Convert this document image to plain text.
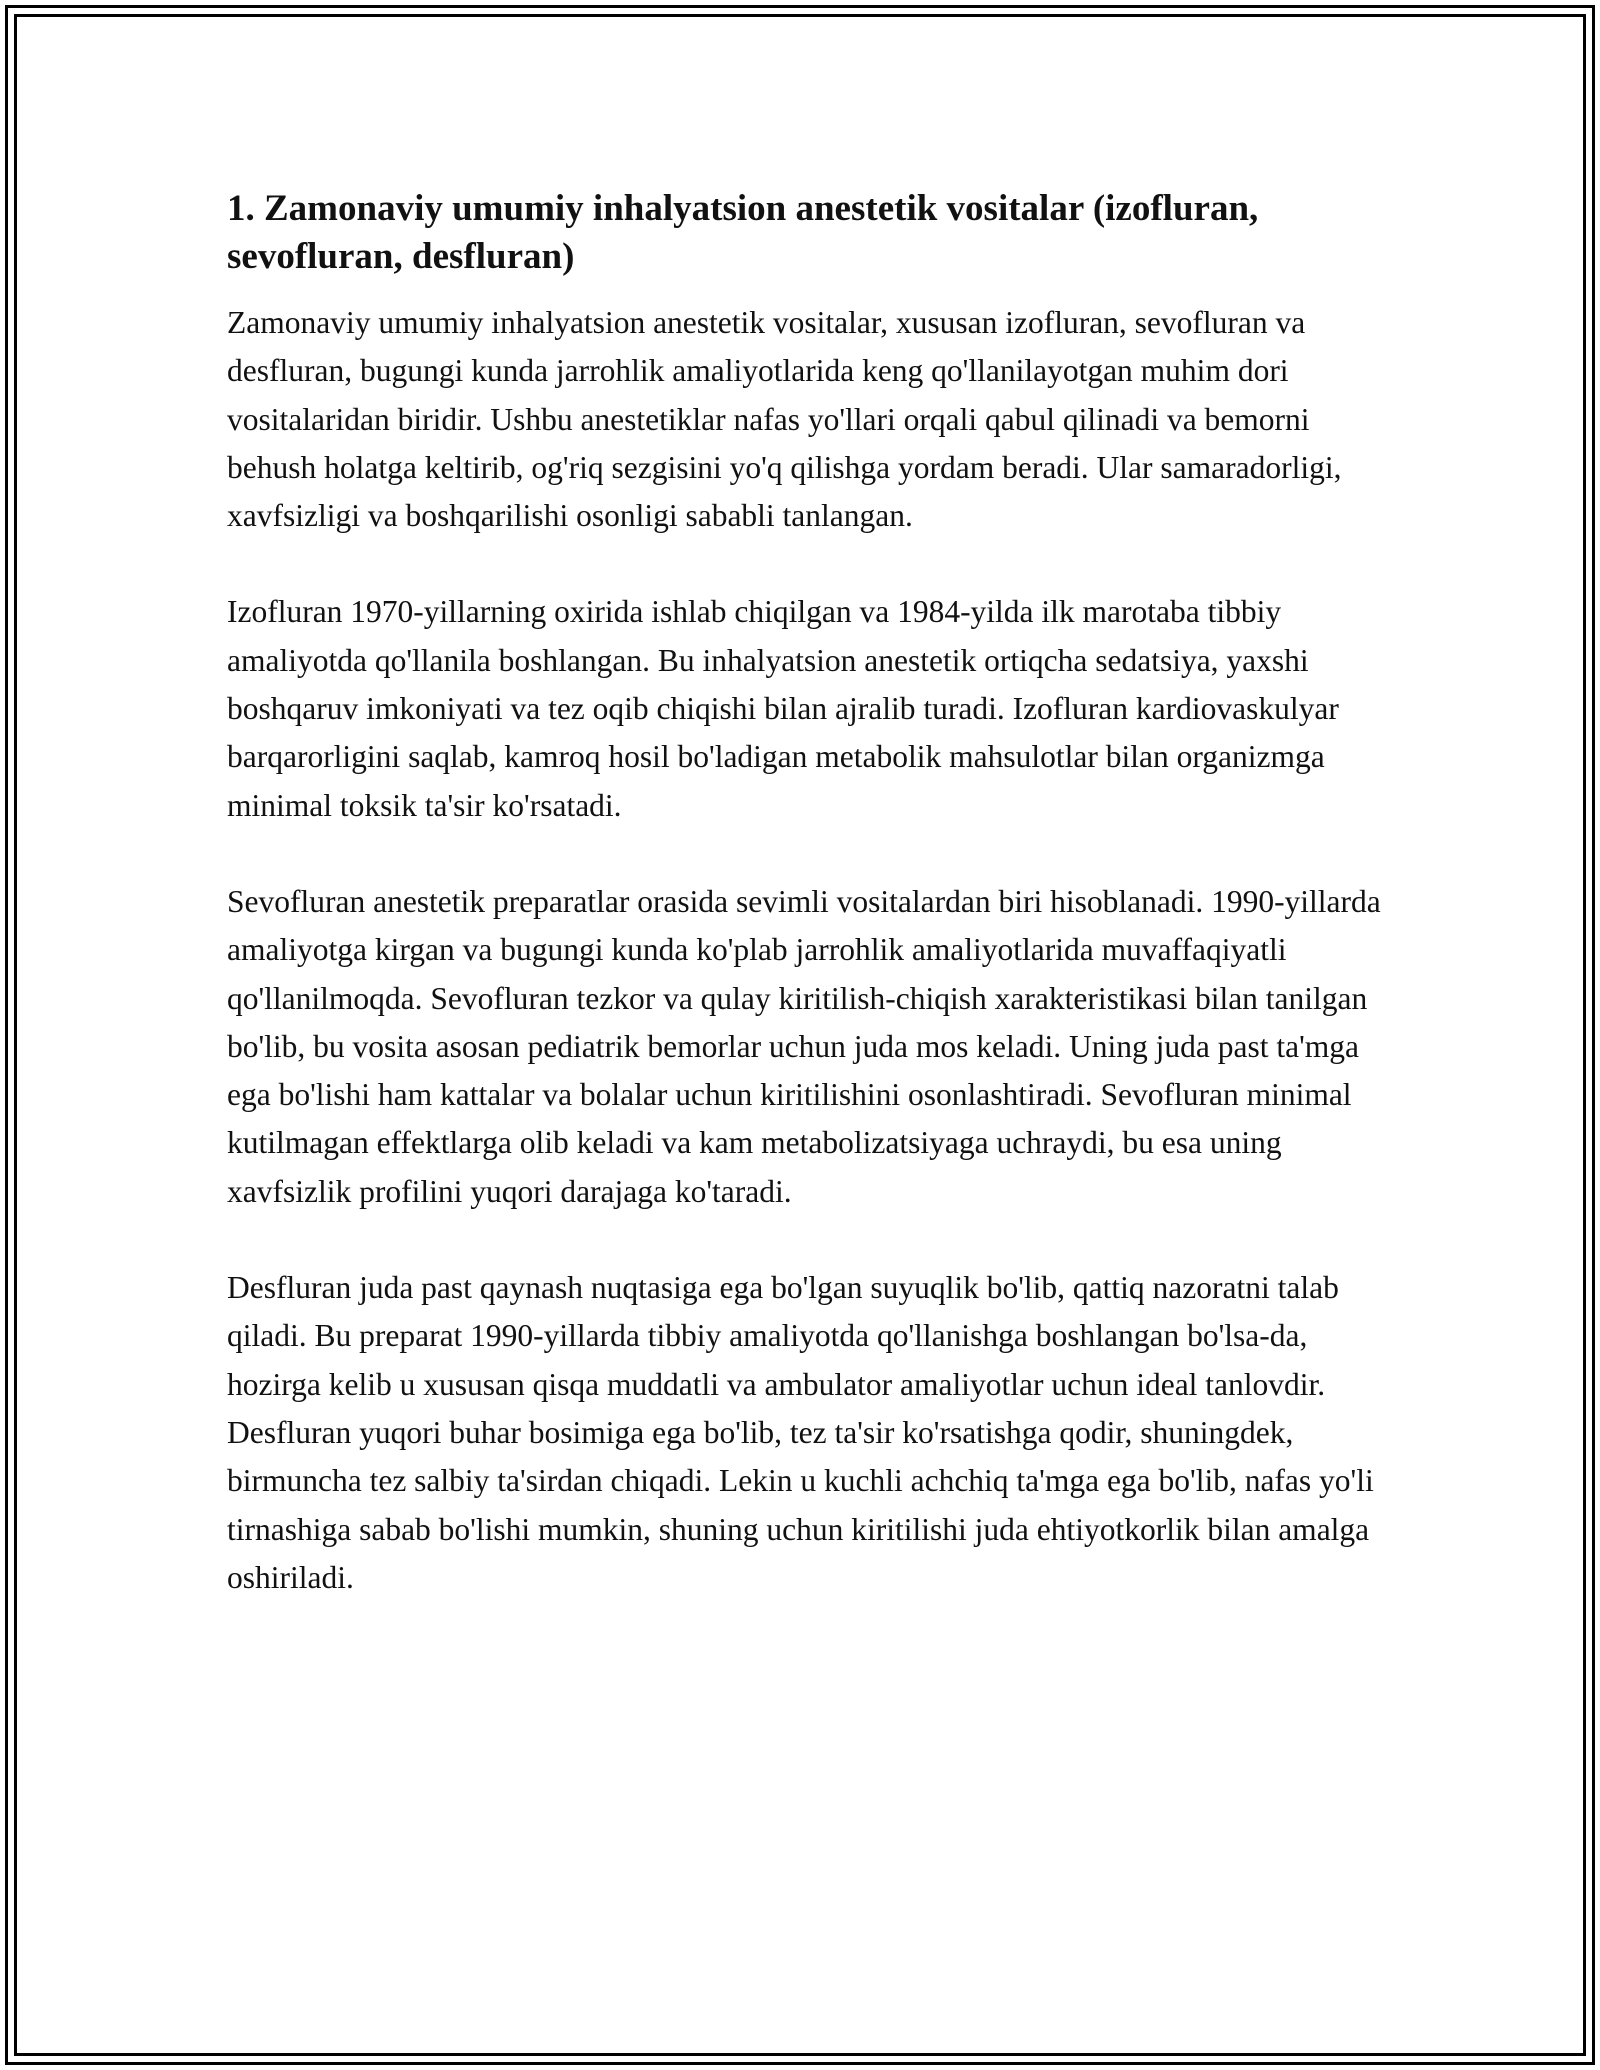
1. Zamonaviy umumiy inhalyatsion anestetik vositalar (izofluran, sevofluran, desfluran)

Zamonaviy umumiy inhalyatsion anestetik vositalar, xususan izofluran, sevofluran va desfluran, bugungi kunda jarrohlik amaliyotlarida keng qo'llanilayotgan muhim dori vositalaridan biridir. Ushbu anestetiklar nafas yo'llari orqali qabul qilinadi va bemorni behush holatga keltirib, og'riq sezgisini yo'q qilishga yordam beradi. Ular samaradorligi, xavfsizligi va boshqarilishi osonligi sababli tanlangan.

Izofluran 1970-yillarning oxirida ishlab chiqilgan va 1984-yilda ilk marotaba tibbiy amaliyotda qo'llanila boshlangan. Bu inhalyatsion anestetik ortiqcha sedatsiya, yaxshi boshqaruv imkoniyati va tez oqib chiqishi bilan ajralib turadi. Izofluran kardiovaskulyar barqarorligini saqlab, kamroq hosil bo'ladigan metabolik mahsulotlar bilan organizmga minimal toksik ta'sir ko'rsatadi.

Sevofluran anestetik preparatlar orasida sevimli vositalardan biri hisoblanadi. 1990-yillarda amaliyotga kirgan va bugungi kunda ko'plab jarrohlik amaliyotlarida muvaffaqiyatli qo'llanilmoqda. Sevofluran tezkor va qulay kiritilish-chiqish xarakteristikasi bilan tanilgan bo'lib, bu vosita asosan pediatrik bemorlar uchun juda mos keladi. Uning juda past ta'mga ega bo'lishi ham kattalar va bolalar uchun kiritilishini osonlashtiradi. Sevofluran minimal kutilmagan effektlarga olib keladi va kam metabolizatsiyaga uchraydi, bu esa uning xavfsizlik profilini yuqori darajaga ko'taradi.

Desfluran juda past qaynash nuqtasiga ega bo'lgan suyuqlik bo'lib, qattiq nazoratni talab qiladi. Bu preparat 1990-yillarda tibbiy amaliyotda qo'llanishga boshlangan bo'lsa-da, hozirga kelib u xususan qisqa muddatli va ambulator amaliyotlar uchun ideal tanlovdir. Desfluran yuqori buhar bosimiga ega bo'lib, tez ta'sir ko'rsatishga qodir, shuningdek, birmuncha tez salbiy ta'sirdan chiqadi. Lekin u kuchli achchiq ta'mga ega bo'lib, nafas yo'li tirnashiga sabab bo'lishi mumkin, shuning uchun kiritilishi juda ehtiyotkorlik bilan amalga oshiriladi.
